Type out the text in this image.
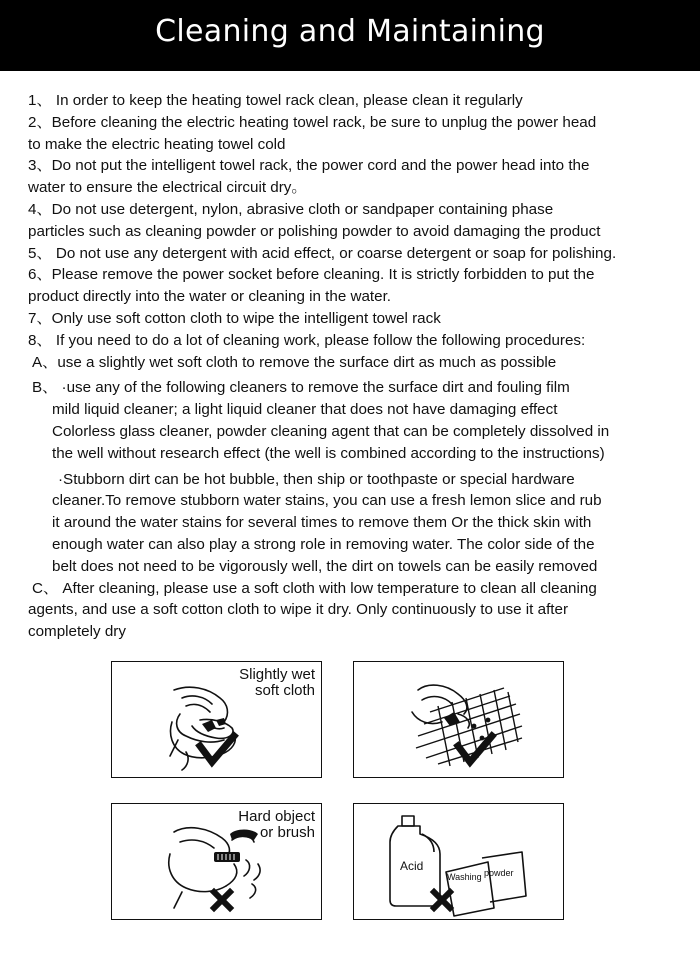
Cleaning and Maintaining
1、 In order to keep the heating towel rack clean, please clean it regularly
2、Before cleaning the electric heating towel rack, be sure to unplug the power head
to make the electric heating towel cold
3、Do not put the intelligent towel rack, the power cord and the power head into the
water to ensure the electrical circuit dry。
4、Do not use detergent, nylon, abrasive cloth or sandpaper containing phase
particles such as cleaning powder or polishing powder to avoid damaging the product
5、 Do not use any detergent with acid effect, or coarse detergent or soap for polishing.
6、Please remove the power socket before cleaning. It is strictly forbidden to put the
product directly into the water or cleaning in the water.
7、Only use soft cotton cloth to wipe the intelligent towel rack
8、 If you need to do a lot of cleaning work, please follow the following procedures:
A、use a slightly wet soft cloth to remove the surface dirt as much as possible
B、 ·use any of the following cleaners to remove the surface dirt and fouling film
mild liquid cleaner; a light liquid cleaner that does not have damaging effect
Colorless glass cleaner, powder cleaning agent that can be completely dissolved in
the well without research effect (the well is combined according to the instructions)
·Stubborn dirt can be hot bubble, then ship or toothpaste or special hardware
cleaner.To remove stubborn water stains, you can use a fresh lemon slice and rub
it around the water stains for several times to remove them Or the thick skin with
enough water can also play a strong role in removing water. The color side of the
belt does not need to be vigorously well, the dirt on towels can be easily removed
C、 After cleaning, please use a soft cloth with low temperature to clean all cleaning
agents, and use a soft cotton cloth to wipe it dry. Only continuously to use it after
completely dry
Slightly wet
soft cloth
Hard object
or brush
Acid
Washing powder
